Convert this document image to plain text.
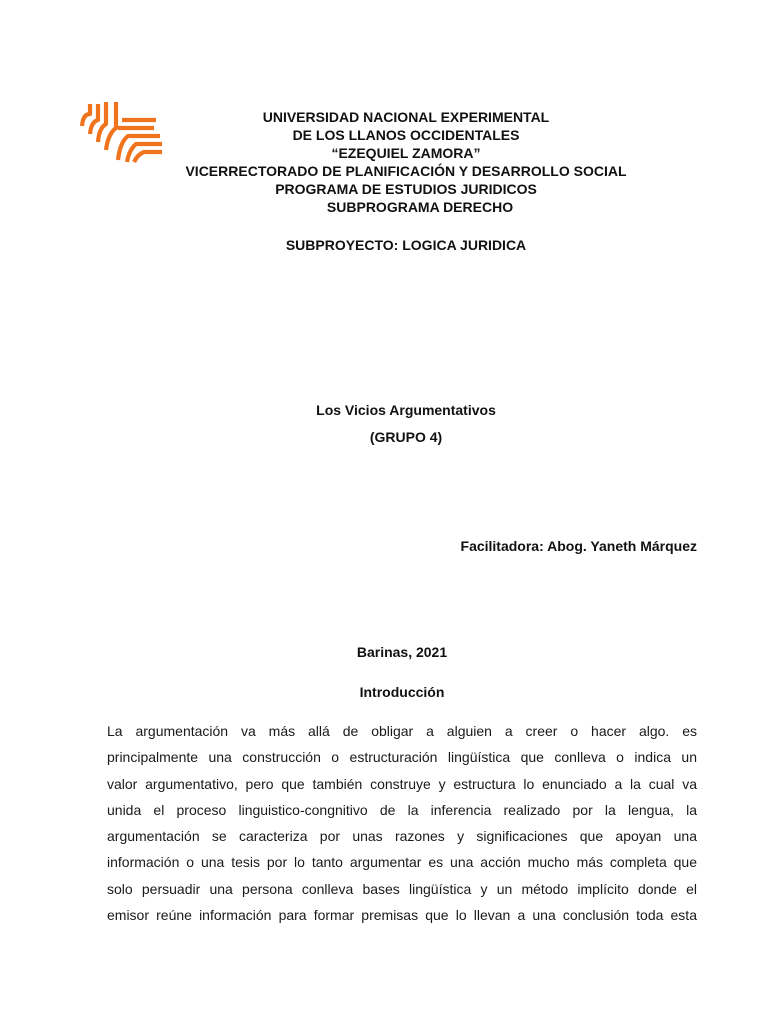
UNIVERSIDAD NACIONAL EXPERIMENTAL
DE LOS LLANOS OCCIDENTALES
“EZEQUIEL ZAMORA”
VICERRECTORADO DE PLANIFICACIÓN Y DESARROLLO SOCIAL
PROGRAMA DE ESTUDIOS JURIDICOS
SUBPROGRAMA DERECHO
SUBPROYECTO: LOGICA JURIDICA
Los Vicios Argumentativos
(GRUPO 4)
Facilitadora: Abog. Yaneth Márquez
Barinas, 2021
Introducción
La argumentación va más allá de obligar a alguien a creer o hacer algo. es
principalmente una construcción o estructuración lingüística que conlleva o indica un
valor argumentativo, pero que también construye y estructura lo enunciado a la cual va
unida el proceso linguistico-congnitivo de la inferencia realizado por la lengua, la
argumentación se caracteriza por unas razones y significaciones que apoyan una
información o una tesis por lo tanto argumentar es una acción mucho más completa que
solo persuadir una persona conlleva bases lingüística y un método implícito donde el
emisor reúne información para formar premisas que lo llevan a una conclusión toda esta
